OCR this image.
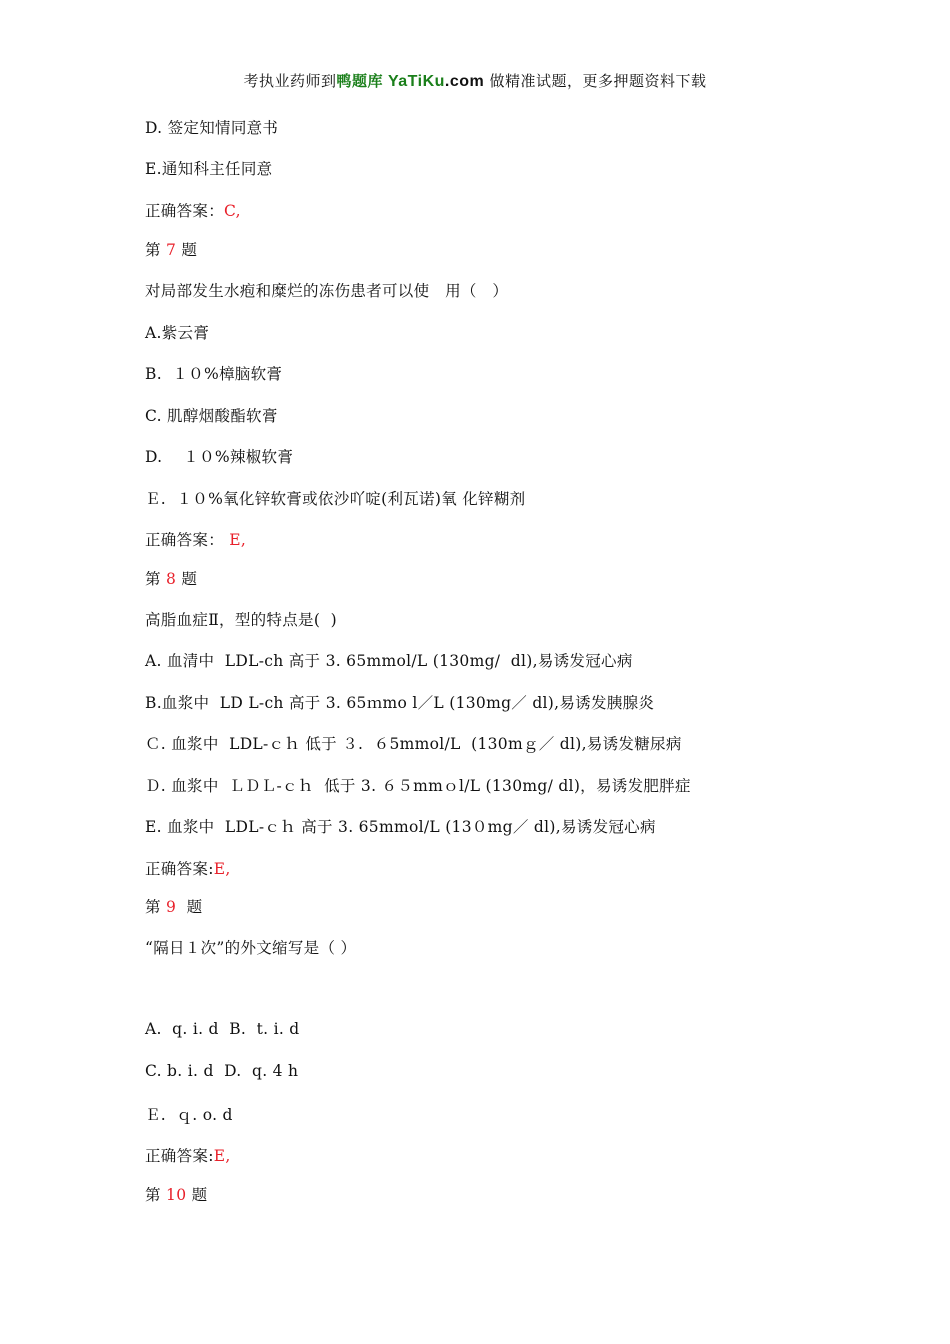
考执业药师到鸭题库 YaTiKu.com 做精准试题，更多押题资料下载
D. 签定知情同意书
E.通知科主任同意
正确答案：C,
第 7 题
对局部发生水疱和糜烂的冻伤患者可以使   用（   ）
A.紫云膏
B.  １０%樟脑软膏
C. 肌醇烟酸酯软膏
D.    １０%辣椒软膏
Ｅ.  １０%氧化锌软膏或依沙吖啶(利瓦诺)氧 化锌糊剂
正确答案： E,
第 8 题
高脂血症Ⅱ，型的特点是(  )
A. 血清中  LDL-ch 高于 3. 65mmol/L (130mg/  dl),易诱发冠心病
B.血浆中  LD L-ch 高于 3. 65ｍmo l／L (130mg／ dl),易诱发胰腺炎
Ｃ. 血浆中  LDL-ｃｈ 低于 ３.  ６5mmol/L  (130mｇ／ dl),易诱发糖尿病
Ｄ. 血浆中  ＬＤＬ-ｃｈ  低于 3. ６５mmｏl/L (130mg/ dl)，易诱发肥胖症
E. 血浆中  LDL-ｃｈ 高于 3. 65mmol/L (13０mg／ dl),易诱发冠心病
正确答案:E,
第 9  题
“隔日１次”的外文缩写是（ ）
A.  q. i. d  B.  t. i. d
C. b. i. d  D.  q. 4 h
Ｅ.  ｑ. o. d
正确答案:E,
第 10 题
